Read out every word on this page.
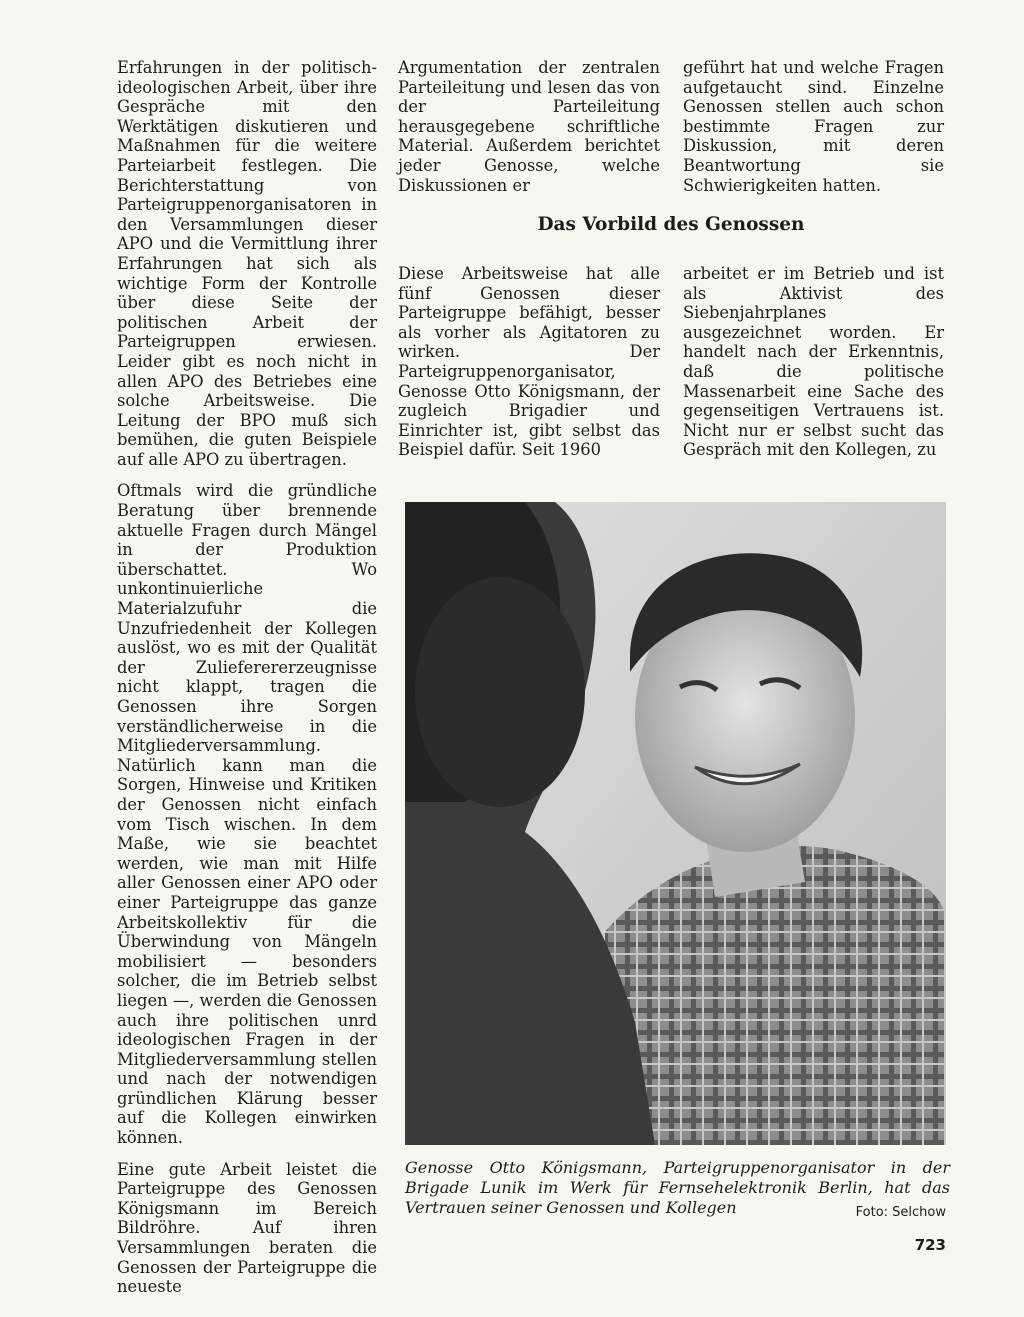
Erfahrungen in der politisch-ideologischen Arbeit, über ihre Gespräche mit den Werktätigen diskutieren und Maßnahmen für die weitere Parteiarbeit festlegen. Die Berichterstattung von Parteigruppenorganisatoren in den Versammlungen dieser APO und die Vermittlung ihrer Erfahrungen hat sich als wichtige Form der Kontrolle über diese Seite der politischen Arbeit der Parteigruppen erwiesen. Leider gibt es noch nicht in allen APO des Betriebes eine solche Arbeitsweise. Die Leitung der BPO muß sich bemühen, die guten Beispiele auf alle APO zu übertragen.

Oftmals wird die gründliche Beratung über brennende aktuelle Fragen durch Mängel in der Produktion überschattet. Wo unkontinuierliche Materialzufuhr die Unzufriedenheit der Kollegen auslöst, wo es mit der Qualität der Zulieferererzeugnisse nicht klappt, tragen die Genossen ihre Sorgen verständlicherweise in die Mitgliederversammlung. Natürlich kann man die Sorgen, Hinweise und Kritiken der Genossen nicht einfach vom Tisch wischen. In dem Maße, wie sie beachtet werden, wie man mit Hilfe aller Genossen einer APO oder einer Parteigruppe das ganze Arbeitskollektiv für die Überwindung von Mängeln mobilisiert — besonders solcher, die im Betrieb selbst liegen —, werden die Genossen auch ihre politischen unrd ideologischen Fragen in der Mitgliederversammlung stellen und nach der notwendigen gründlichen Klärung besser auf die Kollegen einwirken können.

Eine gute Arbeit leistet die Parteigruppe des Genossen Königsmann im Bereich Bildröhre. Auf ihren Versammlungen beraten die Genossen der Parteigruppe die neueste

Argumentation der zentralen Parteileitung und lesen das von der Parteileitung herausgegebene schriftliche Material. Außerdem berichtet jeder Genosse, welche Diskussionen er

geführt hat und welche Fragen aufgetaucht sind. Einzelne Genossen stellen auch schon bestimmte Fragen zur Diskussion, mit deren Beantwortung sie Schwierigkeiten hatten.

Das Vorbild des Genossen

Diese Arbeitsweise hat alle fünf Genossen dieser Parteigruppe befähigt, besser als vorher als Agitatoren zu wirken. Der Parteigruppenorganisator, Genosse Otto Königsmann, der zugleich Brigadier und Einrichter ist, gibt selbst das Beispiel dafür. Seit 1960

arbeitet er im Betrieb und ist als Aktivist des Siebenjahrplanes ausgezeichnet worden. Er handelt nach der Erkenntnis, daß die politische Massenarbeit eine Sache des gegenseitigen Vertrauens ist. Nicht nur er selbst sucht das Gespräch mit den Kollegen, zu

Genosse Otto Königsmann, Parteigruppenorganisator in der Brigade Lunik im Werk für Fernsehelektronik Berlin, hat das Vertrauen seiner Genossen und Kollegen	Foto: Selchow
723
